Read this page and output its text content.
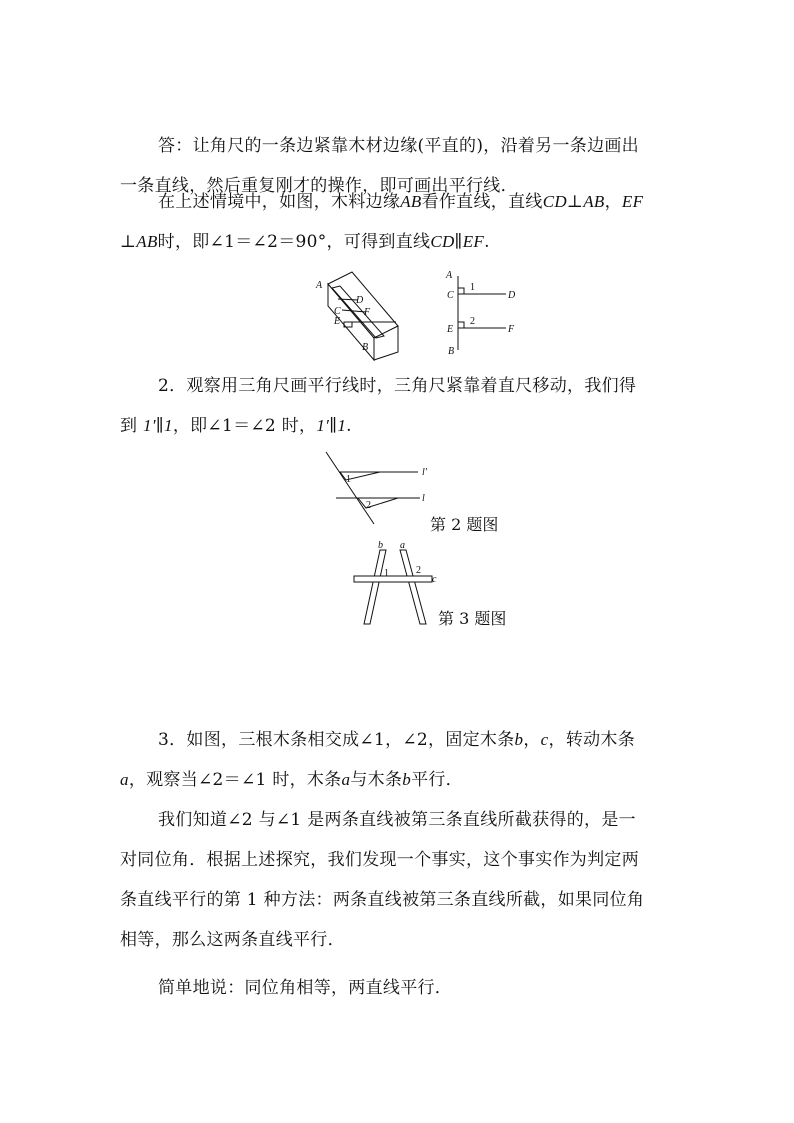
答：让角尺的一条边紧靠木材边缘(平直的)，沿着另一条边画出
一条直线，然后重复刚才的操作，即可画出平行线．
在上述情境中，如图，木料边缘AB看作直线，直线CD⊥AB，EF
⊥AB时，即∠1＝∠2＝90°，可得到直线CD∥EF.
A
D
F
C
E
B
A
C
1
D
E
2
F
B
2．观察用三角尺画平行线时，三角尺紧靠着直尺移动，我们得
到 1′∥1，即∠1＝∠2 时，1′∥1.
1
2
l′
l
第 2 题图
b a
1	2
c
第 3 题图
3．如图，三根木条相交成∠1，∠2，固定木条b，c，转动木条
a，观察当∠2＝∠1 时，木条a与木条b平行．
我们知道∠2 与∠1 是两条直线被第三条直线所截获得的，是一
对同位角．根据上述探究，我们发现一个事实，这个事实作为判定两
条直线平行的第 1 种方法：两条直线被第三条直线所截，如果同位角
相等，那么这两条直线平行．
简单地说：同位角相等，两直线平行．
